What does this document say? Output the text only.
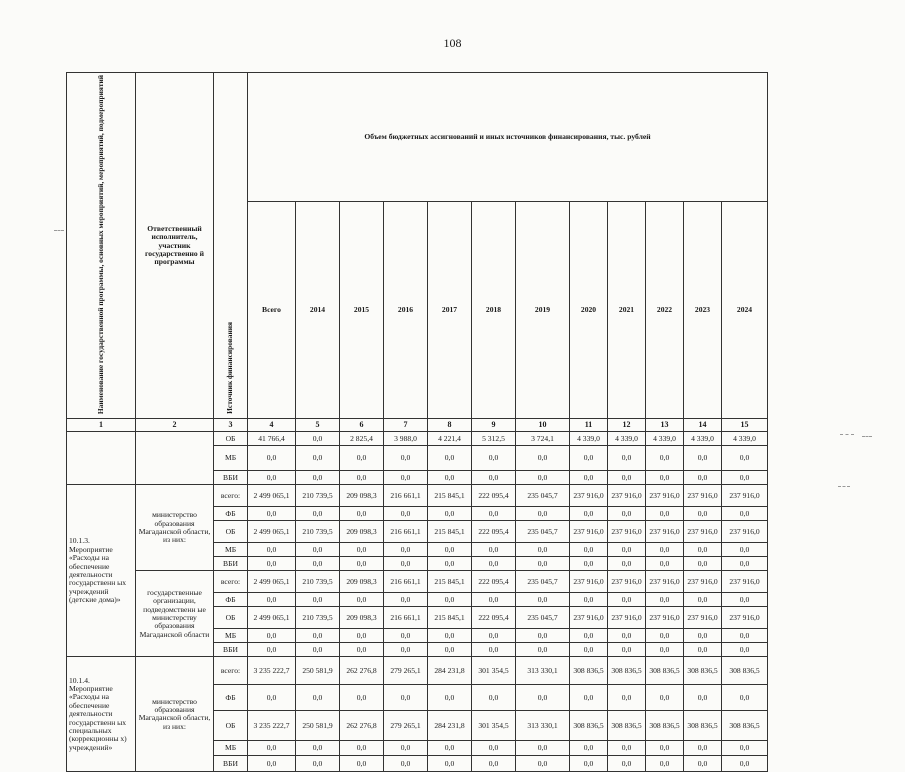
108
Наименование государственной программы, основных мероприятий, мероприятий, подмероприятий	Ответственный исполнитель, участник государственно й программы	Источник финансирования	Объем бюджетных ассигнований и иных источников финансирования, тыс. рублей											
			Всего	2014	2015	2016	2017	2018	2019	2020	2021	2022	2023	2024
1	2	3	4	5	6	7	8	9	10	11	12	13	14	15
		ОБ	41 766,4	0,0	2 825,4	3 988,0	4 221,4	5 312,5	3 724,1	4 339,0	4 339,0	4 339,0	4 339,0	4 339,0
		МБ	0,0	0,0	0,0	0,0	0,0	0,0	0,0	0,0	0,0	0,0	0,0	0,0
		ВБИ	0,0	0,0	0,0	0,0	0,0	0,0	0,0	0,0	0,0	0,0	0,0	0,0
10.1.3. Мероприятие «Расходы на обеспечение деятельности государственн ых учреждений (детские дома)»	министерство образования Магаданской области, из них:	всего:	2 499 065,1	210 739,5	209 098,3	216 661,1	215 845,1	222 095,4	235 045,7	237 916,0	237 916,0	237 916,0	237 916,0	237 916,0
		ФБ	0,0	0,0	0,0	0,0	0,0	0,0	0,0	0,0	0,0	0,0	0,0	0,0
		ОБ	2 499 065,1	210 739,5	209 098,3	216 661,1	215 845,1	222 095,4	235 045,7	237 916,0	237 916,0	237 916,0	237 916,0	237 916,0
		МБ	0,0	0,0	0,0	0,0	0,0	0,0	0,0	0,0	0,0	0,0	0,0	0,0
		ВБИ	0,0	0,0	0,0	0,0	0,0	0,0	0,0	0,0	0,0	0,0	0,0	0,0
	государственные организации, подведомственн ые министерству образования Магаданской области	всего:	2 499 065,1	210 739,5	209 098,3	216 661,1	215 845,1	222 095,4	235 045,7	237 916,0	237 916,0	237 916,0	237 916,0	237 916,0
		ФБ	0,0	0,0	0,0	0,0	0,0	0,0	0,0	0,0	0,0	0,0	0,0	0,0
		ОБ	2 499 065,1	210 739,5	209 098,3	216 661,1	215 845,1	222 095,4	235 045,7	237 916,0	237 916,0	237 916,0	237 916,0	237 916,0
		МБ	0,0	0,0	0,0	0,0	0,0	0,0	0,0	0,0	0,0	0,0	0,0	0,0
		ВБИ	0,0	0,0	0,0	0,0	0,0	0,0	0,0	0,0	0,0	0,0	0,0	0,0
10.1.4. Мероприятие «Расходы на обеспечение деятельности государственн ых специальных (коррекционны х) учреждений»	министерство образования Магаданской области, из них:	всего:	3 235 222,7	250 581,9	262 276,8	279 265,1	284 231,8	301 354,5	313 330,1	308 836,5	308 836,5	308 836,5	308 836,5	308 836,5
		ФБ	0,0	0,0	0,0	0,0	0,0	0,0	0,0	0,0	0,0	0,0	0,0	0,0
		ОБ	3 235 222,7	250 581,9	262 276,8	279 265,1	284 231,8	301 354,5	313 330,1	308 836,5	308 836,5	308 836,5	308 836,5	308 836,5
		МБ	0,0	0,0	0,0	0,0	0,0	0,0	0,0	0,0	0,0	0,0	0,0	0,0
		ВБИ	0,0	0,0	0,0	0,0	0,0	0,0	0,0	0,0	0,0	0,0	0,0	0,0
